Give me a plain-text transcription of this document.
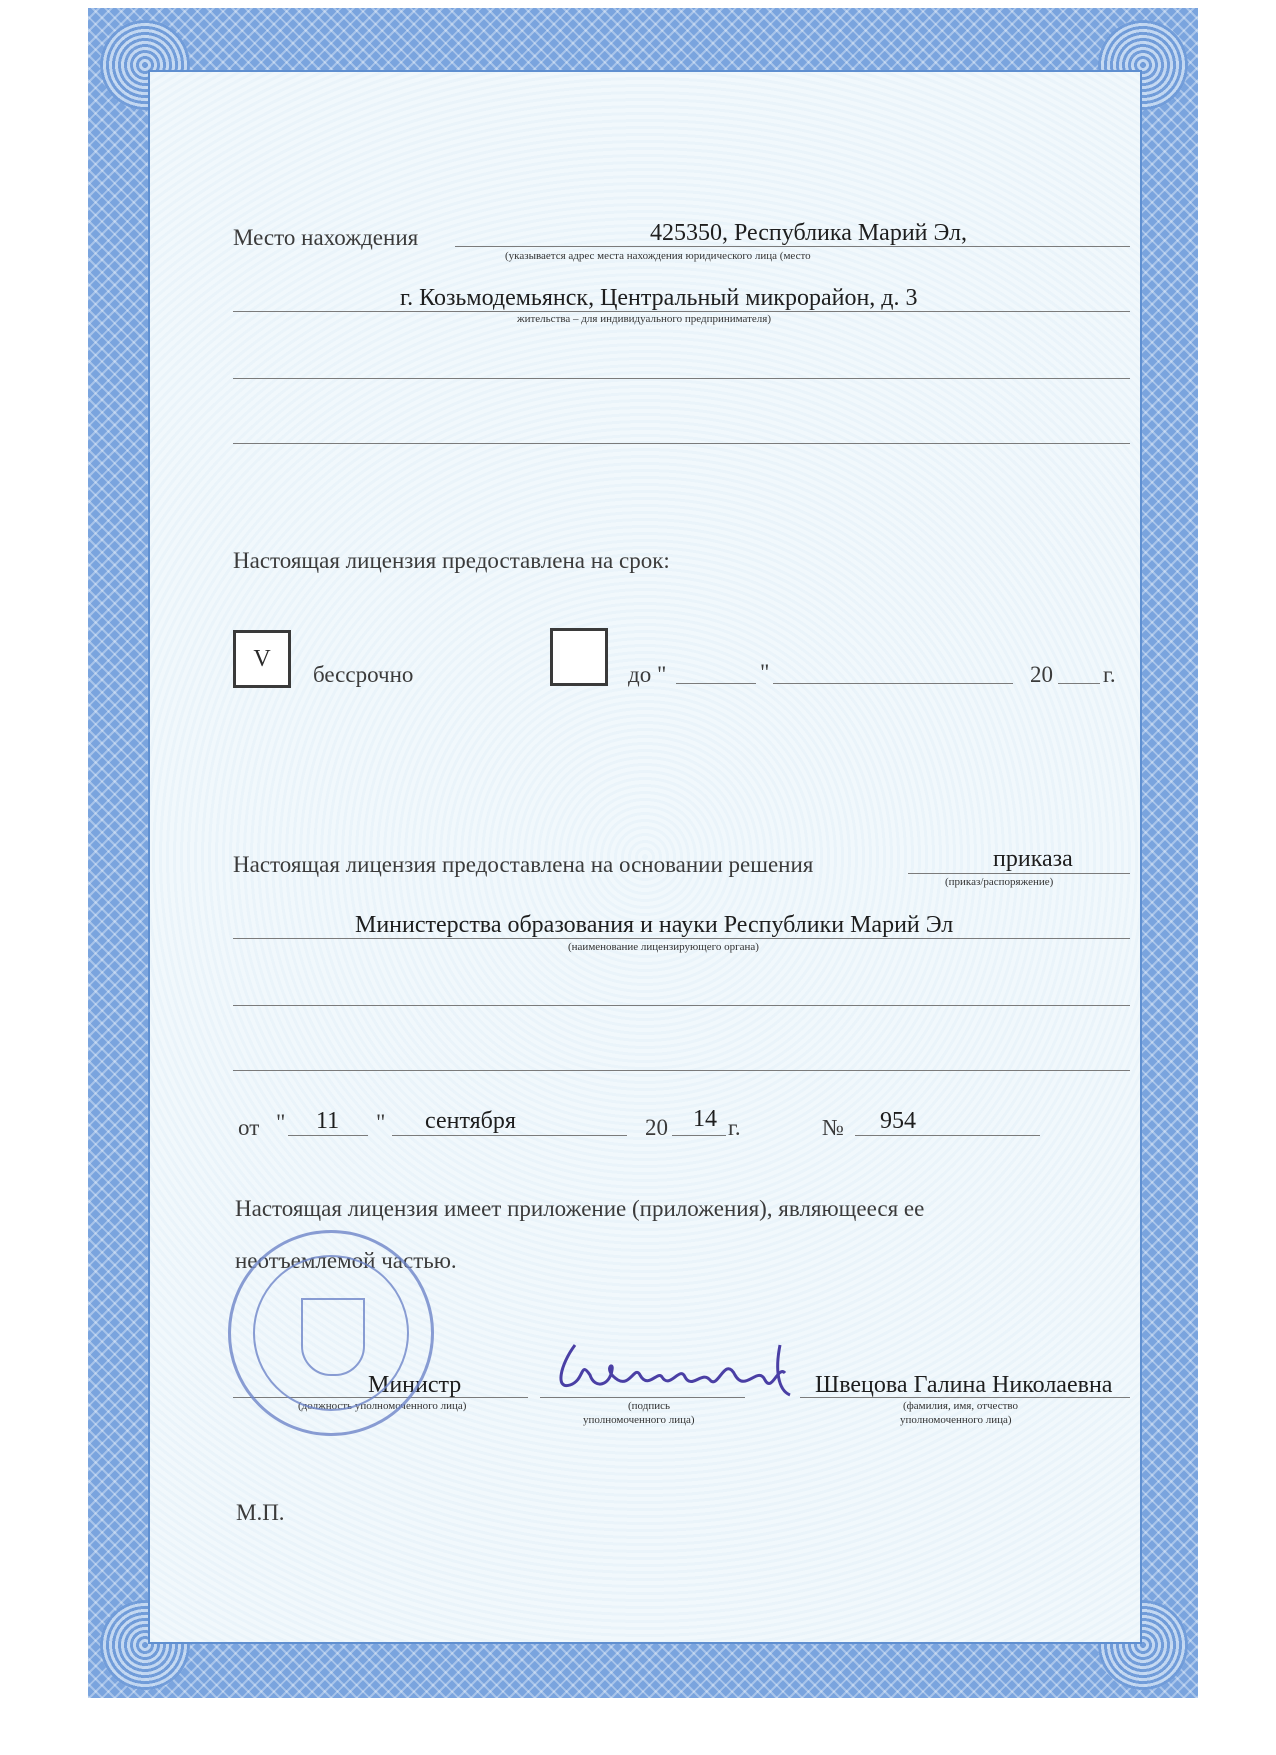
Место нахождения	425350, Республика Марий Эл,
(указывается адрес места нахождения юридического лица (место
г. Козьмодемьянск, Центральный микрорайон, д. 3
жительства – для индивидуального предпринимателя)
Настоящая лицензия предоставлена на срок:
V
бессрочно	до "	"	20 г.
Настоящая лицензия предоставлена на основании решения	приказа
(приказ/распоряжение)
Министерства образования и науки Республики Марий Эл
(наименование лицензирующего органа)
от " 11 " сентября	20 14 г.	№ 954
Настоящая лицензия имеет приложение (приложения), являющееся ее
неотъемлемой частью.
Министр
(должность уполномоченного лица)	(подпись
уполномоченного лица)
Швецова Галина Николаевна
(фамилия, имя, отчество
уполномоченного лица)
М.П.
